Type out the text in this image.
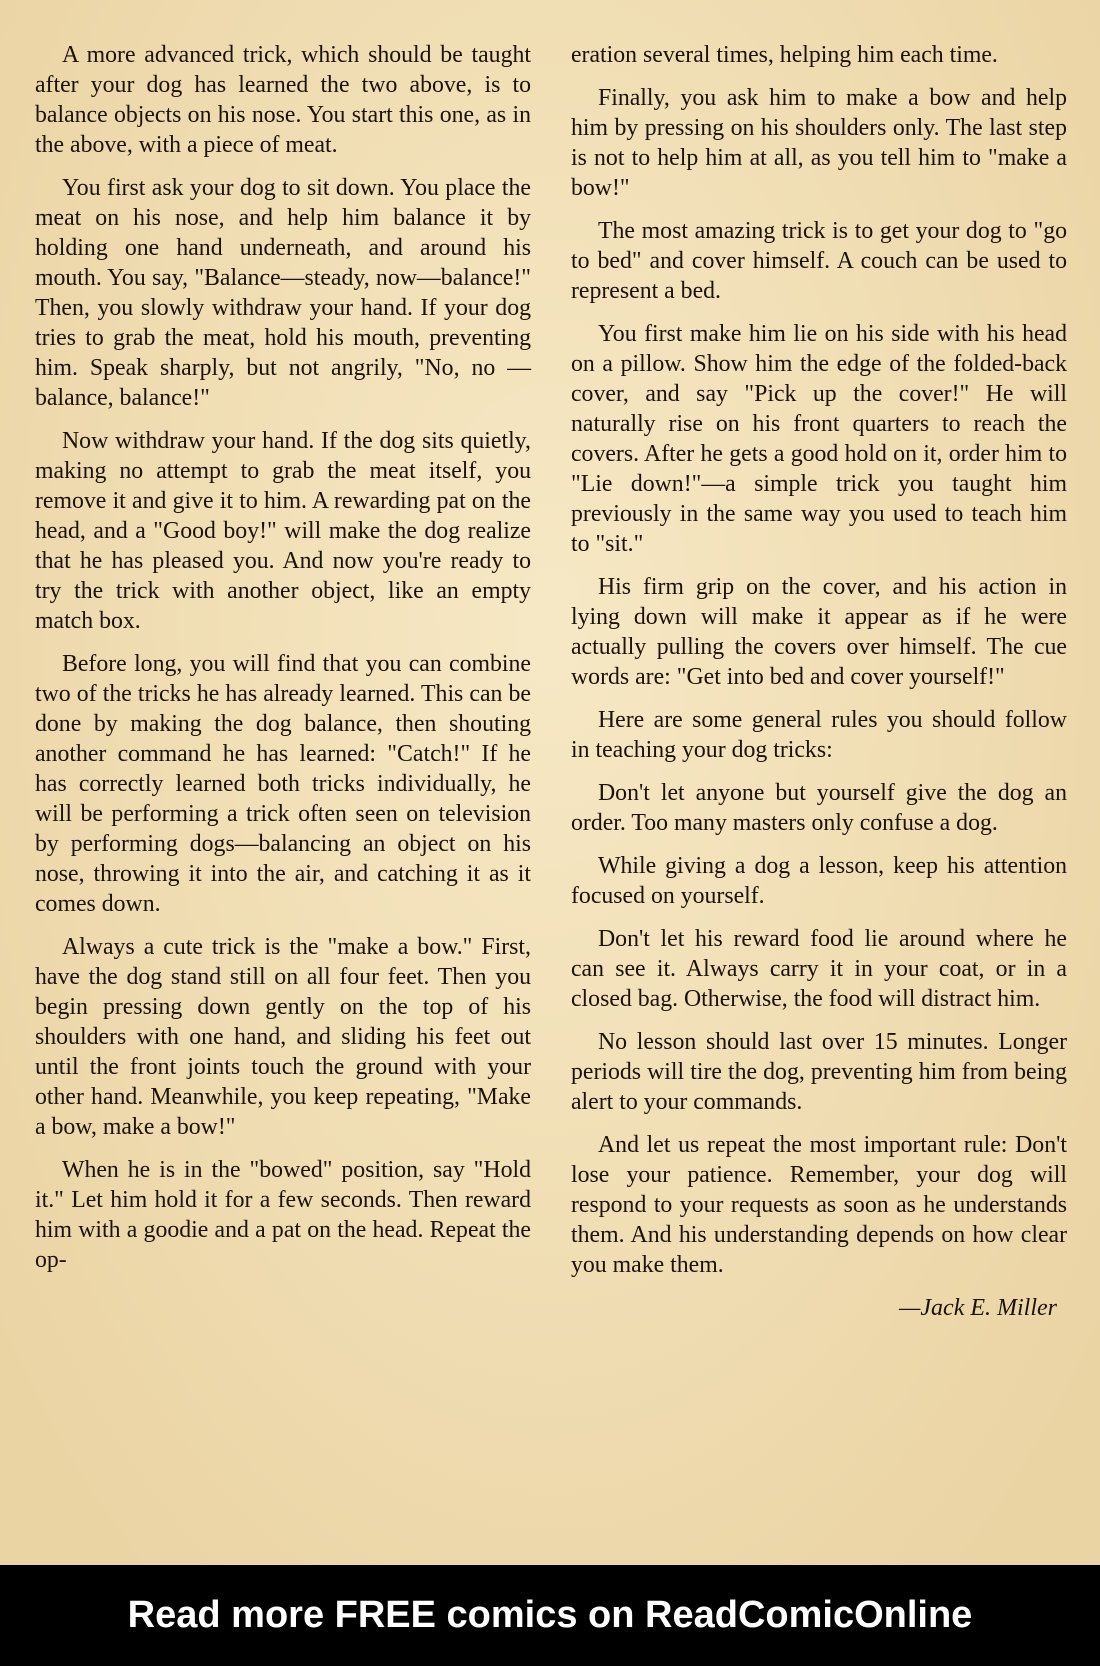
A more advanced trick, which should be taught after your dog has learned the two above, is to balance objects on his nose. You start this one, as in the above, with a piece of meat.

You first ask your dog to sit down. You place the meat on his nose, and help him balance it by holding one hand underneath, and around his mouth. You say, "Balance—steady, now—balance!" Then, you slowly withdraw your hand. If your dog tries to grab the meat, hold his mouth, preventing him. Speak sharply, but not angrily, "No, no — balance, balance!"

Now withdraw your hand. If the dog sits quietly, making no attempt to grab the meat itself, you remove it and give it to him. A rewarding pat on the head, and a "Good boy!" will make the dog realize that he has pleased you. And now you're ready to try the trick with another object, like an empty match box.

Before long, you will find that you can combine two of the tricks he has already learned. This can be done by making the dog balance, then shouting another command he has learned: "Catch!" If he has correctly learned both tricks individually, he will be performing a trick often seen on television by performing dogs—balancing an object on his nose, throwing it into the air, and catching it as it comes down.

Always a cute trick is the "make a bow." First, have the dog stand still on all four feet. Then you begin pressing down gently on the top of his shoulders with one hand, and sliding his feet out until the front joints touch the ground with your other hand. Meanwhile, you keep repeating, "Make a bow, make a bow!"

When he is in the "bowed" position, say "Hold it." Let him hold it for a few seconds. Then reward him with a goodie and a pat on the head. Repeat the op-

eration several times, helping him each time.

Finally, you ask him to make a bow and help him by pressing on his shoulders only. The last step is not to help him at all, as you tell him to "make a bow!"

The most amazing trick is to get your dog to "go to bed" and cover himself. A couch can be used to represent a bed.

You first make him lie on his side with his head on a pillow. Show him the edge of the folded-back cover, and say "Pick up the cover!" He will naturally rise on his front quarters to reach the covers. After he gets a good hold on it, order him to "Lie down!"—a simple trick you taught him previously in the same way you used to teach him to "sit."

His firm grip on the cover, and his action in lying down will make it appear as if he were actually pulling the covers over himself. The cue words are: "Get into bed and cover yourself!"

Here are some general rules you should follow in teaching your dog tricks:

Don't let anyone but yourself give the dog an order. Too many masters only confuse a dog.

While giving a dog a lesson, keep his attention focused on yourself.

Don't let his reward food lie around where he can see it. Always carry it in your coat, or in a closed bag. Otherwise, the food will distract him.

No lesson should last over 15 minutes. Longer periods will tire the dog, preventing him from being alert to your commands.

And let us repeat the most important rule: Don't lose your patience. Remember, your dog will respond to your requests as soon as he understands them. And his understanding depends on how clear you make them.

—Jack E. Miller
Read more FREE comics on ReadComicOnline
